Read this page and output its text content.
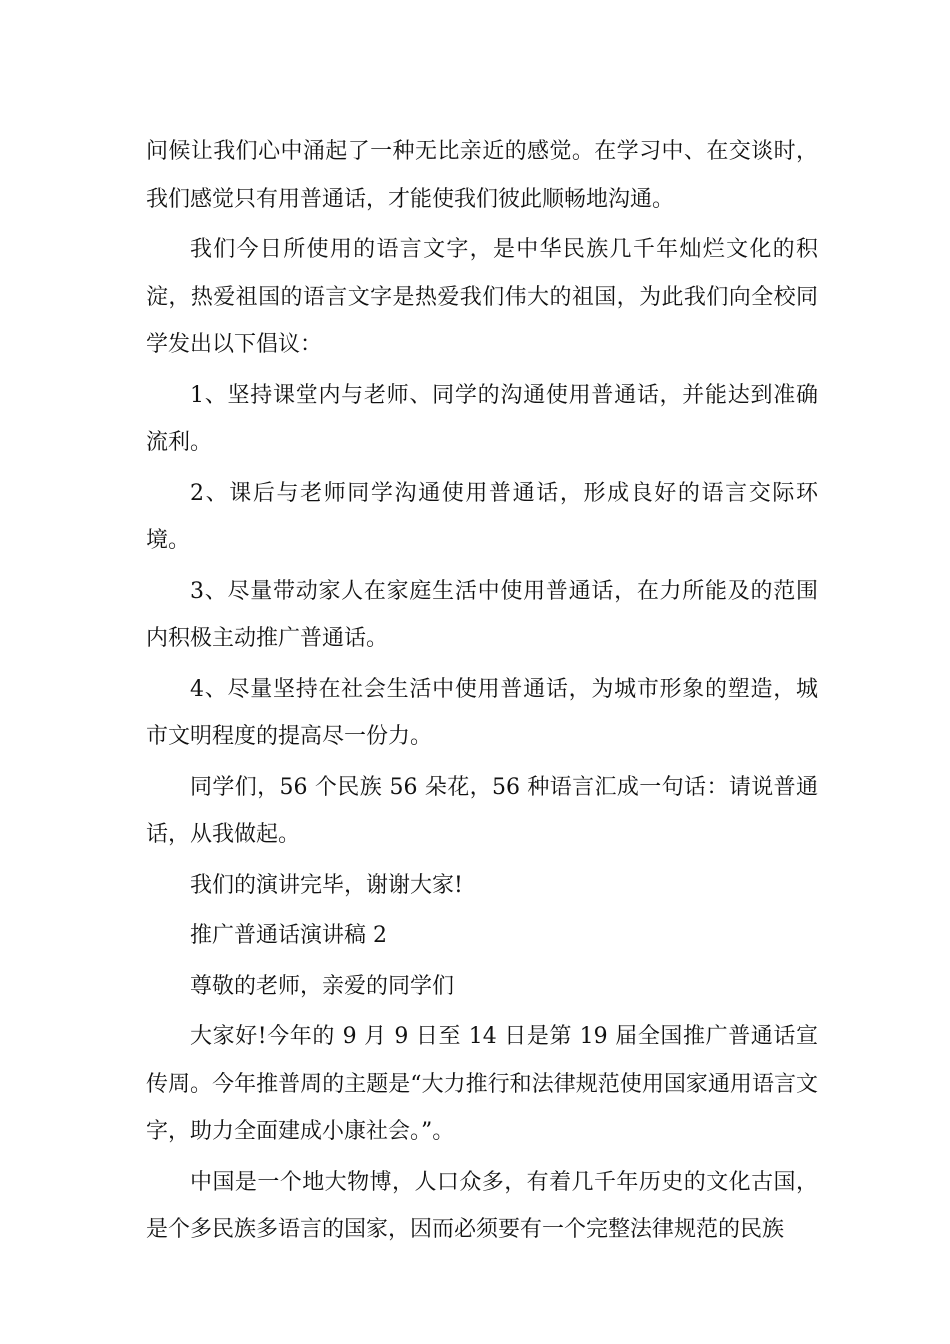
问候让我们心中涌起了一种无比亲近的感觉。在学习中、在交谈时，我们感觉只有用普通话，才能使我们彼此顺畅地沟通。

我们今日所使用的语言文字，是中华民族几千年灿烂文化的积淀，热爱祖国的语言文字是热爱我们伟大的祖国，为此我们向全校同学发出以下倡议：

1、坚持课堂内与老师、同学的沟通使用普通话，并能达到准确流利。

2、课后与老师同学沟通使用普通话，形成良好的语言交际环境。

3、尽量带动家人在家庭生活中使用普通话，在力所能及的范围内积极主动推广普通话。

4、尽量坚持在社会生活中使用普通话，为城市形象的塑造，城市文明程度的提高尽一份力。

同学们，56 个民族 56 朵花，56 种语言汇成一句话：请说普通话，从我做起。

我们的演讲完毕，谢谢大家!

推广普通话演讲稿 2

尊敬的老师，亲爱的同学们

大家好!今年的 9 月 9 日至 14 日是第 19 届全国推广普通话宣传周。今年推普周的主题是“大力推行和法律规范使用国家通用语言文字，助力全面建成小康社会。”。

中国是一个地大物博，人口众多，有着几千年历史的文化古国，是个多民族多语言的国家，因而必须要有一个完整法律规范的民族
